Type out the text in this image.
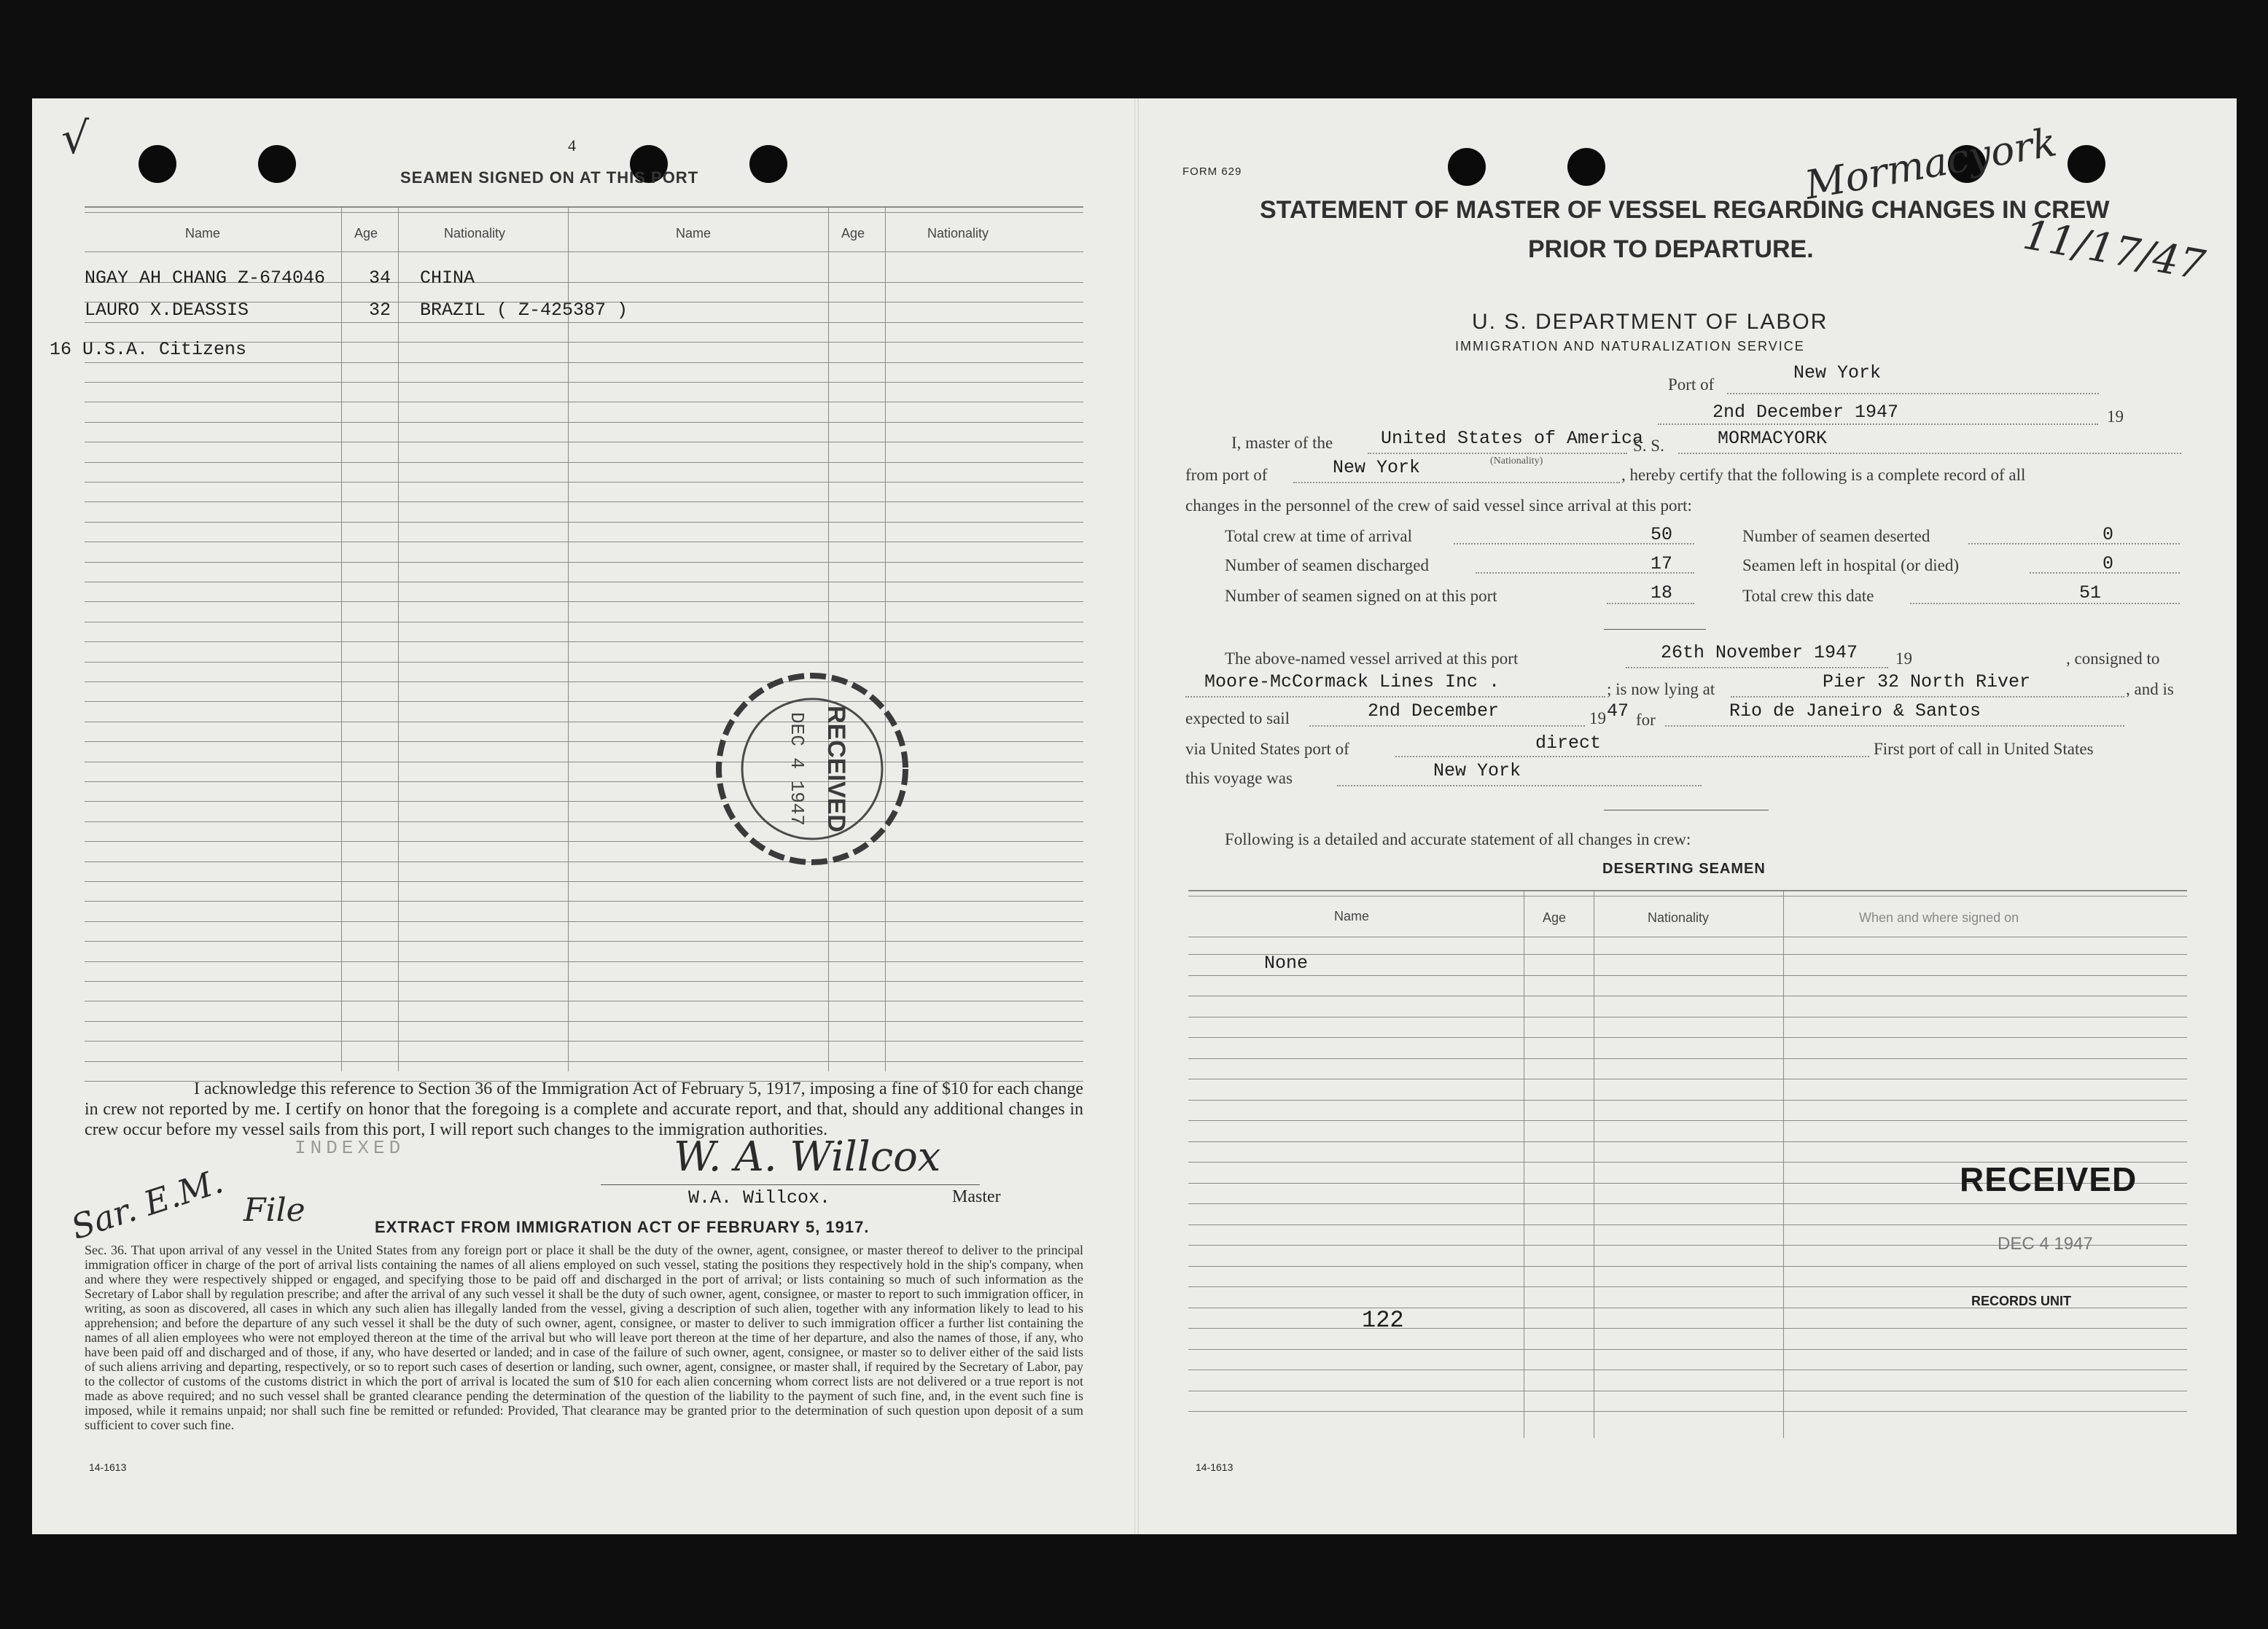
√	4
SEAMEN SIGNED ON AT THIS PORT
Name	Age	Nationality	Name	Age	Nationality
NGAY AH CHANG Z-674046 34 CHINA
LAURO X.DEASSIS	32 BRAZIL ( Z-425387 )
16 U.S.A. Citizens
RECEIVED
DEC 4 1947
I acknowledge this reference to Section 36 of the Immigration Act of February 5, 1917, imposing a fine of $10 for each change in crew not reported by me. I certify on honor that the foregoing is a complete and accurate report, and that, should any additional changes in crew occur before my vessel sails from this port, I will report such changes to the immigration authorities.
W. A. Willcox
W.A. Willcox.	Master
Sar. E.M.
INDEXED
File	EXTRACT FROM IMMIGRATION ACT OF FEBRUARY 5, 1917.
Sec. 36. That upon arrival of any vessel in the United States from any foreign port or place it shall be the duty of the owner, agent, consignee, or master thereof to deliver to the principal immigration officer in charge of the port of arrival lists containing the names of all aliens employed on such vessel, stating the positions they respectively hold in the ship's company, when and where they were respectively shipped or engaged, and specifying those to be paid off and discharged in the port of arrival; or lists containing so much of such information as the Secretary of Labor shall by regulation prescribe; and after the arrival of any such vessel it shall be the duty of such owner, agent, consignee, or master to report to such immigration officer, in writing, as soon as discovered, all cases in which any such alien has illegally landed from the vessel, giving a description of such alien, together with any information likely to lead to his apprehension; and before the departure of any such vessel it shall be the duty of such owner, agent, consignee, or master to deliver to such immigration officer a further list containing the names of all alien employees who were not employed thereon at the time of the arrival but who will leave port thereon at the time of her departure, and also the names of those, if any, who have been paid off and discharged and of those, if any, who have deserted or landed; and in case of the failure of such owner, agent, consignee, or master so to deliver either of the said lists of such aliens arriving and departing, respectively, or so to report such cases of desertion or landing, such owner, agent, consignee, or master shall, if required by the Secretary of Labor, pay to the collector of customs of the customs district in which the port of arrival is located the sum of $10 for each alien concerning whom correct lists are not delivered or a true report is not made as above required; and no such vessel shall be granted clearance pending the determination of the question of the liability to the payment of such fine, and, in the event such fine is imposed, while it remains unpaid; nor shall such fine be remitted or refunded: Provided, That clearance may be granted prior to the determination of such question upon deposit of a sum sufficient to cover such fine.
14-1613
FORM 629
STATEMENT OF MASTER OF VESSEL REGARDING CHANGES IN CREW
PRIOR TO DEPARTURE.
Mormacyork
11/17/47
U. S. DEPARTMENT OF LABOR
IMMIGRATION AND NATURALIZATION SERVICE
Port of
New York
2nd December 1947	19
I, master of the	United States of America
S. S.	MORMACYORK
from port of	New York	(Nationality)
, hereby certify that the following is a complete record of all
changes in the personnel of the crew of said vessel since arrival at this port:
Total crew at time of arrival	50
Number of seamen discharged	17
Number of seamen signed on at this port	18
Number of seamen deserted	0
Seamen left in hospital (or died)	0
Total crew this date	51
The above-named vessel arrived at this port	26th November 1947 19	, consigned to
Moore-McCormack Lines Inc .	; is now lying at	Pier 32 North River	, and is
expected to sail	2nd December	19 47 for	Rio de Janeiro & Santos
via United States port of	direct	First port of call in United States
this voyage was	New York
Following is a detailed and accurate statement of all changes in crew:
DESERTING SEAMEN
Name	Age	Nationality	When and where signed on
None
122
RECEIVED
DEC 4 1947
RECORDS UNIT
14-1613
